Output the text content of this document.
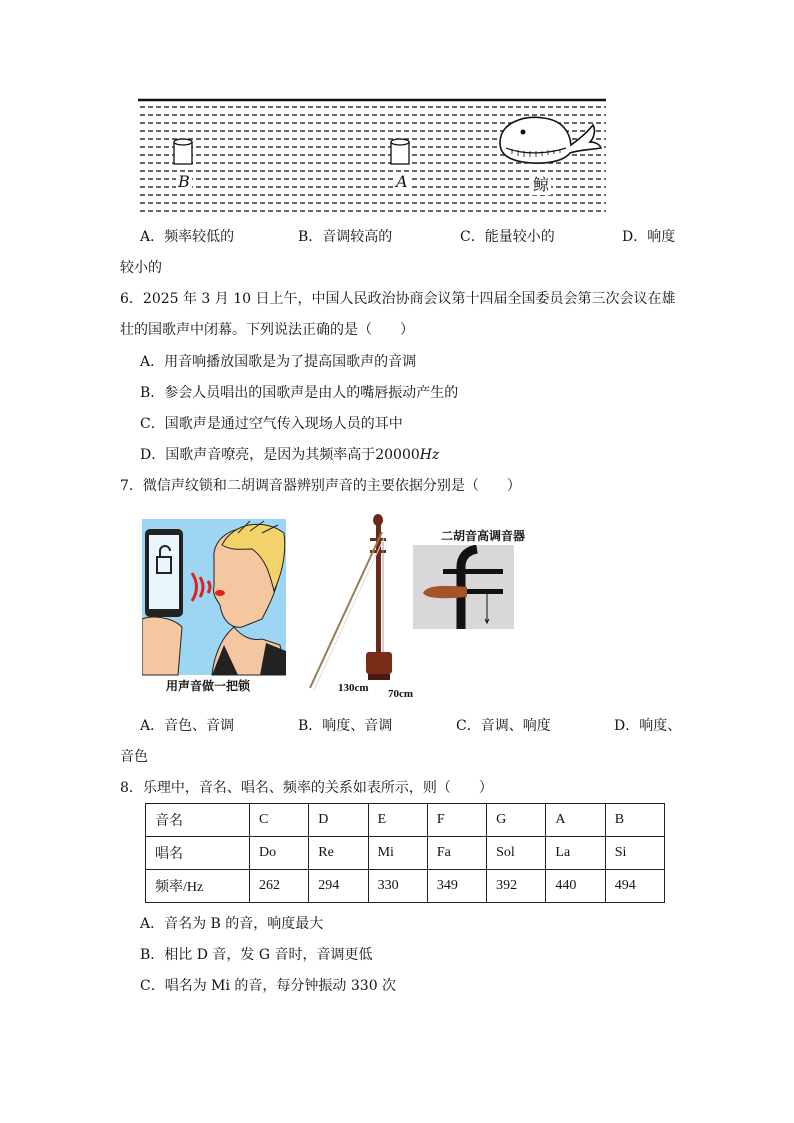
B	A	鲸
A．频率较低的	B．音调较高的	C．能量较小的	D．响度
较小的
6．2025 年 3 月 10 日上午，中国人民政治协商会议第十四届全国委员会第三次会议在雄
壮的国歌声中闭幕。下列说法正确的是（　　）
A．用音响播放国歌是为了提高国歌声的音调
B．参会人员唱出的国歌声是由人的嘴唇振动产生的
C．国歌声是通过空气传入现场人员的耳中
D．国歌声音嘹亮，是因为其频率高于20000Hz
7．微信声纹锁和二胡调音器辨别声音的主要依据分别是（　　）
用声音做一把锁	130cm 70cm
二胡音高调音器
A．音色、音调	B．响度、音调	C．音调、响度	D．响度、
音色
8．乐理中，音名、唱名、频率的关系如表所示，则（　　）
音名	C	D	E	F	G	A	B
唱名	Do	Re	Mi	Fa	Sol	La	Si
频率/Hz	262	294	330	349	392	440	494
A．音名为 B 的音，响度最大
B．相比 D 音，发 G 音时，音调更低
C．唱名为 Mi 的音，每分钟振动 330 次
